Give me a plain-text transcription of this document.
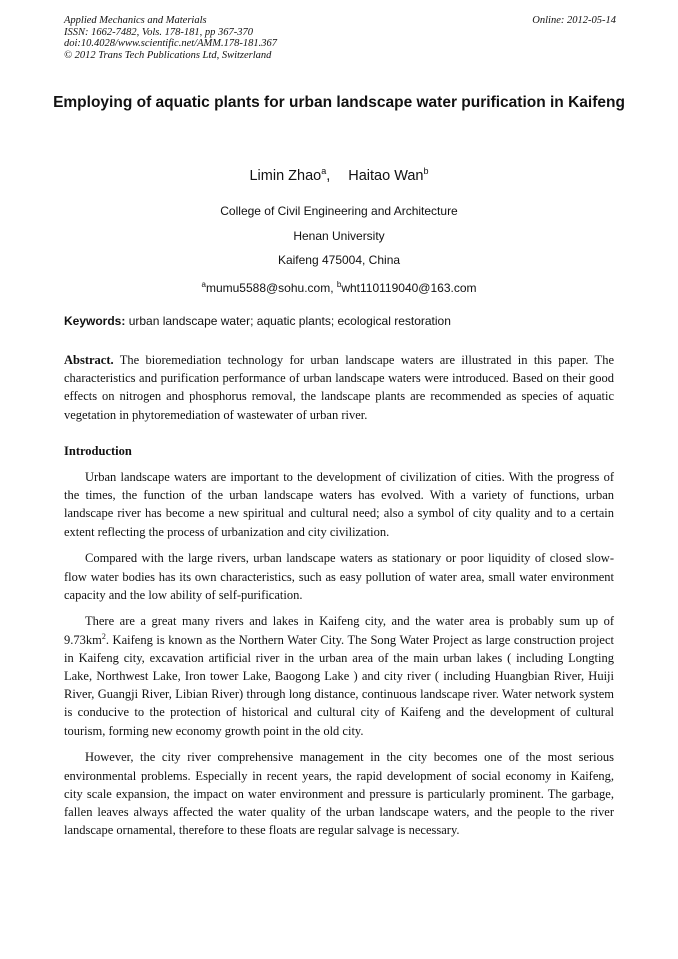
Applied Mechanics and Materials
ISSN: 1662-7482, Vols. 178-181, pp 367-370
doi:10.4028/www.scientific.net/AMM.178-181.367
© 2012 Trans Tech Publications Ltd, Switzerland
Online: 2012-05-14
Employing of aquatic plants for urban landscape water purification in Kaifeng
Limin Zhao$^a$, Haitao Wan$^b$
College of Civil Engineering and Architecture
Henan University
Kaifeng 475004, China
$^a$mumu5588@sohu.com, $^b$wht110119040@163.com
Keywords: urban landscape water; aquatic plants; ecological restoration
Abstract. The bioremediation technology for urban landscape waters are illustrated in this paper. The characteristics and purification performance of urban landscape waters were introduced. Based on their good effects on nitrogen and phosphorus removal, the landscape plants are recommended as species of aquatic vegetation in phytoremediation of wastewater of urban river.
Introduction

Urban landscape waters are important to the development of civilization of cities. With the progress of the times, the function of the urban landscape waters has evolved. With a variety of functions, urban landscape river has become a new spiritual and cultural need; also a symbol of city quality and to a certain extent reflecting the process of urbanization and city civilization.

Compared with the large rivers, urban landscape waters as stationary or poor liquidity of closed slow-flow water bodies has its own characteristics, such as easy pollution of water area, small water environment capacity and the low ability of self-purification.

There are a great many rivers and lakes in Kaifeng city, and the water area is probably sum up of $9.73km^2$. Kaifeng is known as the Northern Water City. The Song Water Project as large construction project in Kaifeng city, excavation artificial river in the urban area of the main urban lakes ( including Longting Lake, Northwest Lake, Iron tower Lake, Baogong Lake ) and city river ( including Huangbian River, Huiji River, Guangji River, Libian River) through long distance, continuous landscape river. Water network system is conducive to the protection of historical and cultural city of Kaifeng and the development of cultural tourism, forming new economy growth point in the old city.

However, the city river comprehensive management in the city becomes one of the most serious environmental problems. Especially in recent years, the rapid development of social economy in Kaifeng, city scale expansion, the impact on water environment and pressure is particularly prominent. The garbage, fallen leaves always affected the water quality of the urban landscape waters, and the people to the river landscape ornamental, therefore to these floats are regular salvage is necessary.
